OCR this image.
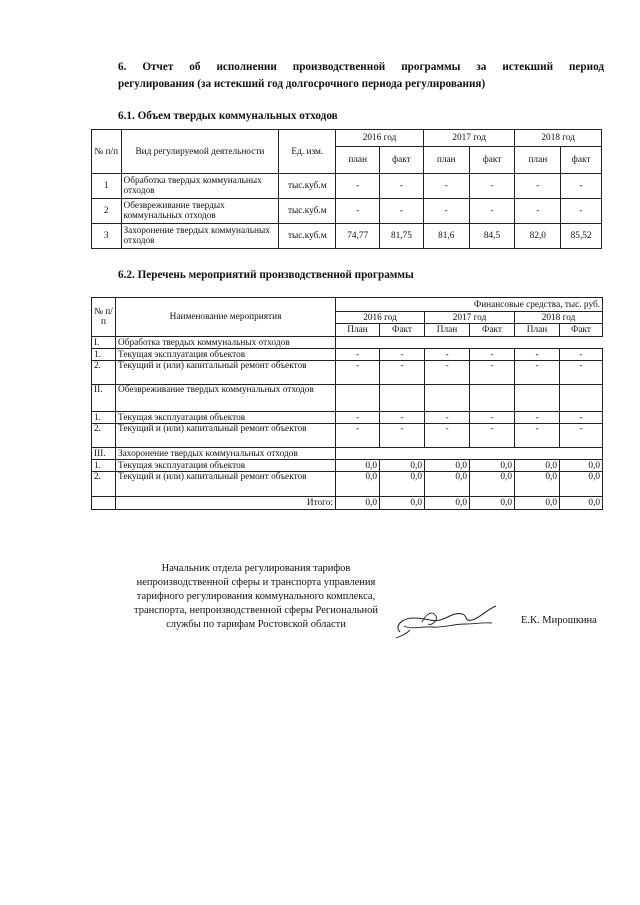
6. Отчет об исполнении производственной программы за истекший период
регулирования (за истекший год долгосрочного периода регулирования)
6.1. Объем твердых коммунальных отходов
№ п/п	Вид регулируемой деятельности	Ед. изм.	2016 год		2017 год		2018 год	
			план	факт	план	факт	план	факт
1	Обработка твердых коммунальных отходов	тыс.куб.м	-	-	-	-	-	-
2	Обезвреживание твердых коммунальных отходов	тыс.куб.м	-	-	-	-	-	-
3	Захоронение твердых коммунальных отходов	тыс.куб.м	74,77	81,75	81,6	84,5	82,0	85,52
6.2. Перечень мероприятий производственной программы
№ п/п	Наименование мероприятия	Финансовые средства, тыс. руб.					
		2016 год		2017 год		2018 год	
		План	Факт	План	Факт	План	Факт
I.	Обработка твердых коммунальных отходов						
1.	Текущая эксплуатация объектов	-	-	-	-	-	-
2.	Текущий и (или) капитальный ремонт объектов	-	-	-	-	-	-
II.	Обезвреживание твердых коммунальных отходов						
1.	Текущая эксплуатация объектов	-	-	-	-	-	-
2.	Текущий и (или) капитальный ремонт объектов	-	-	-	-	-	-
III.	Захоронение твердых коммунальных отходов						
1.	Текущая эксплуатация объектов	0,0	0,0	0,0	0,0	0,0	0,0
2.	Текущий и (или) капитальный ремонт объектов	0,0	0,0	0,0	0,0	0,0	0,0
	Итого:	0,0	0,0	0,0	0,0	0,0	0,0
Начальник отдела регулирования тарифов
непроизводственной сферы и транспорта управления
тарифного регулирования коммунального комплекса,
транспорта, непроизводственной сферы Региональной
службы по тарифам Ростовской области	Е.К. Мирошкина
